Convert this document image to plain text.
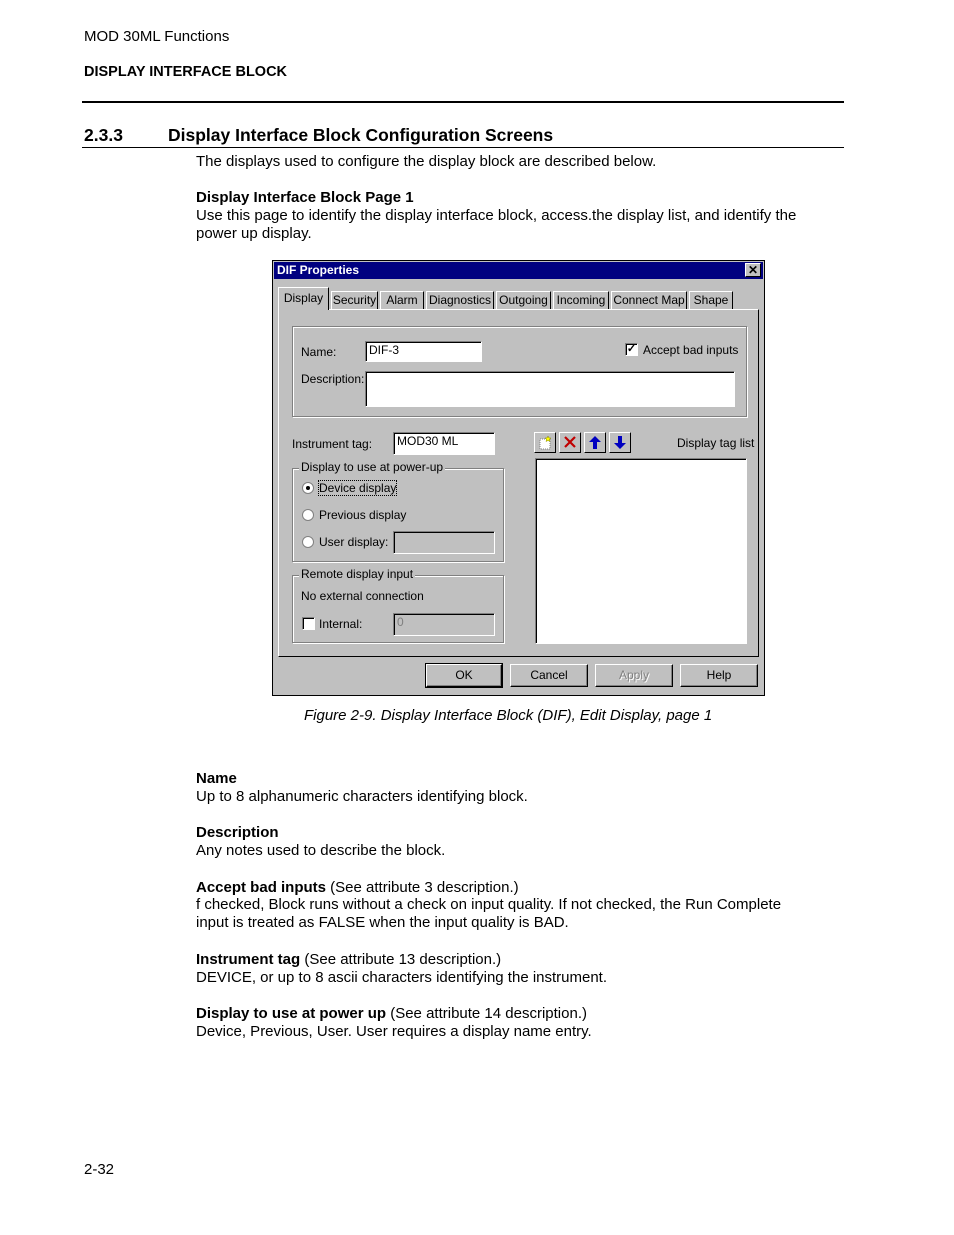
MOD 30ML Functions
DISPLAY INTERFACE BLOCK
2.3.3	Display Interface Block Configuration Screens
The displays used to configure the display block are described below.
Display Interface Block Page 1
Use this page to identify the display interface block, access.the display list, and identify the
power up display.
DIF Properties	✕
Display Security Alarm Diagnostics Outgoing Incoming Connect Map Shape
Name:	DIF-3	✓ Accept bad inputs
Description:
Instrument tag:	MOD30 ML	Display tag list
Display to use at power-up
Device display
Previous display
User display:
Remote display input
No external connection
Internal:	0
OK	Cancel	Apply	Help
Figure 2-9. Display Interface Block (DIF), Edit Display, page 1
Name
Up to 8 alphanumeric characters identifying block.
Description
Any notes used to describe the block.
Accept bad inputs (See attribute 3 description.)
f checked, Block runs without a check on input quality. If not checked, the Run Complete
input is treated as FALSE when the input quality is BAD.
Instrument tag (See attribute 13 description.)
DEVICE, or up to 8 ascii characters identifying the instrument.
Display to use at power up (See attribute 14 description.)
Device, Previous, User. User requires a display name entry.
2-32
